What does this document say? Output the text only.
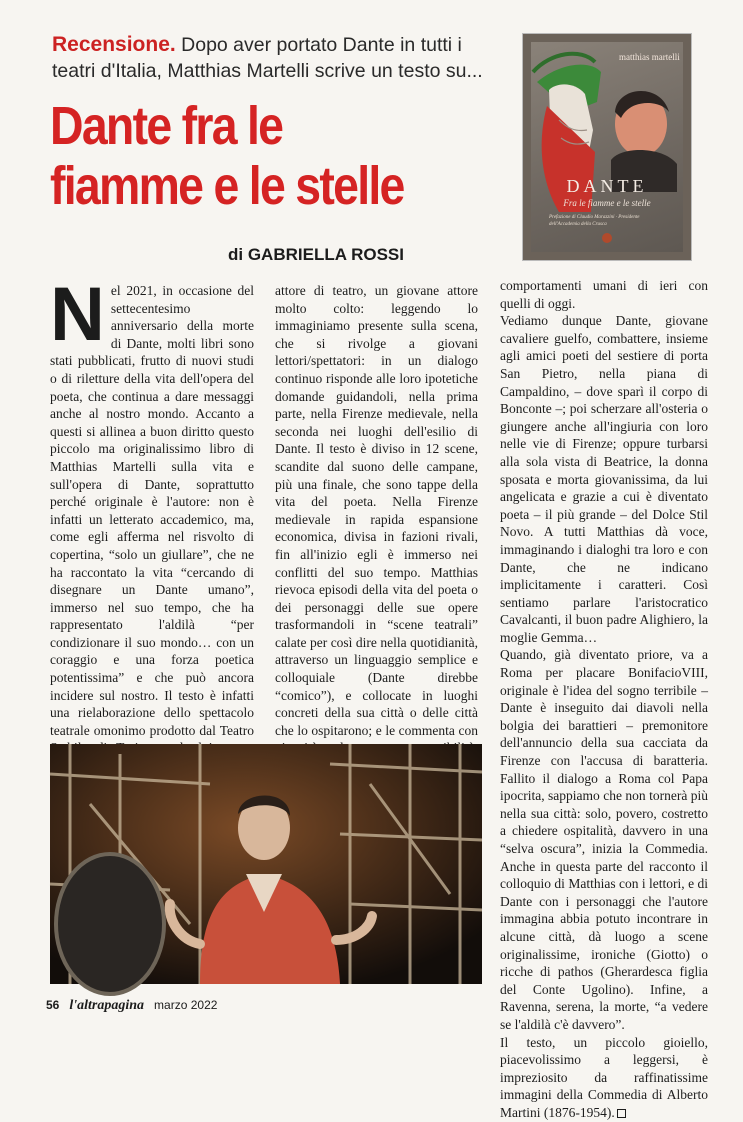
Recensione. Dopo aver portato Dante in tutti i teatri d'Italia, Matthias Martelli scrive un testo su...
Dante fra le
fiamme e le stelle
di GABRIELLA ROSSI
matthias martelli
DANTE
Fra le fiamme e le stelle
Prefazione di Claudio Marazzini · Presidente dell'Accademia della Crusca

Nel 2021, in occasione del settecentesimo anniversario della morte di Dante, molti libri sono stati pubblicati, frutto di nuovi studi o di riletture della vita dell'opera del poeta, che continua a dare messaggi anche al nostro mondo. Accanto a questi si allinea a buon diritto questo piccolo ma originalissimo libro di Matthias Martelli sulla vita e sull'opera di Dante, soprattutto perché originale è l'autore: non è infatti un letterato accademico, ma, come egli afferma nel risvolto di copertina, “solo un giullare”, che ne ha raccontato la vita “cercando di disegnare un Dante umano”, immerso nel suo tempo, che ha rappresentato l'aldilà “per condizionare il suo mondo… con un coraggio e una forza poetica potentissima” e che può ancora incidere sul nostro. Il testo è infatti una rielaborazione dello spettacolo teatrale omonimo prodotto dal Teatro

attore di teatro, un giovane attore molto colto: leggendo lo immaginiamo presente sulla scena, che si rivolge a giovani lettori/spettatori: in un dialogo continuo risponde alle loro ipotetiche domande guidandoli, nella prima parte, nella Firenze medievale, nella seconda nei luoghi dell'esilio di Dante. Il testo è diviso in 12 scene, scandite dal suono delle campane, più una finale, che sono tappe della vita del poeta. Nella Firenze medievale in rapida espansione economica, divisa in fazioni rivali, fin all'inizio egli è immerso nei conflitti del suo tempo. Matthias rievoca episodi della vita del poeta o dei personaggi delle sue opere trasformandoli in “scene teatrali” calate per così dire nella quotidianità, attraverso un linguaggio semplice e colloquiale (Dante direbbe “comico”), e collocate in luoghi concreti della sua città o delle città che lo ospitarono; e le commenta con

comportamenti umani di ieri con quelli di oggi.

Vediamo dunque Dante, giovane cavaliere guelfo, combattere, insieme agli amici poeti del sestiere di porta San Pietro, nella piana di Campaldino, – dove sparì il corpo di Bonconte –; poi scherzare all'osteria o giungere anche all'ingiuria con loro nelle vie di Firenze; oppure turbarsi alla sola vista di Beatrice, la donna sposata e morta giovanissima, da lui angelicata e grazie a cui è diventato poeta – il più grande – del Dolce Stil Novo. A tutti Matthias dà voce, immaginando i dialoghi tra loro e con Dante, che ne indicano implicitamente i caratteri. Così sentiamo parlare l'aristocratico Cavalcanti, il buon padre Alighiero, la moglie Gemma…

Quando, già diventato priore, va a Roma per placare BonifacioVIII, originale è l'idea del sogno terribile – Dante è inseguito dai diavoli nella bolgia dei barattieri – premonitore dell'annuncio della sua cacciata da Firenze con l'accusa di baratteria. Fallito il dialogo a Roma col Papa ipocrita, sappiamo che non tornerà più nella sua città: solo, povero, costretto a chiedere ospitalità, davvero in una “selva oscura”, inizia la Commedia. Anche in questa parte del racconto il colloquio di Matthias con i lettori, e di Dante con i personaggi che l'autore immagina abbia potuto incontrare in alcune città, dà luogo a scene originalissime, ironiche (Giotto) o ricche di pathos (Gherardesca figlia del Conte Ugolino). Infine, a Ravenna, serena, la morte, “a vedere se l'aldilà c'è davvero”.

Il testo, un piccolo gioiello, piacevolissimo a leggersi, è impreziosito da raffinatissime immagini della Commedia di Alberto Martini (1876-1954).

56 l'altrapagina marzo 2022
